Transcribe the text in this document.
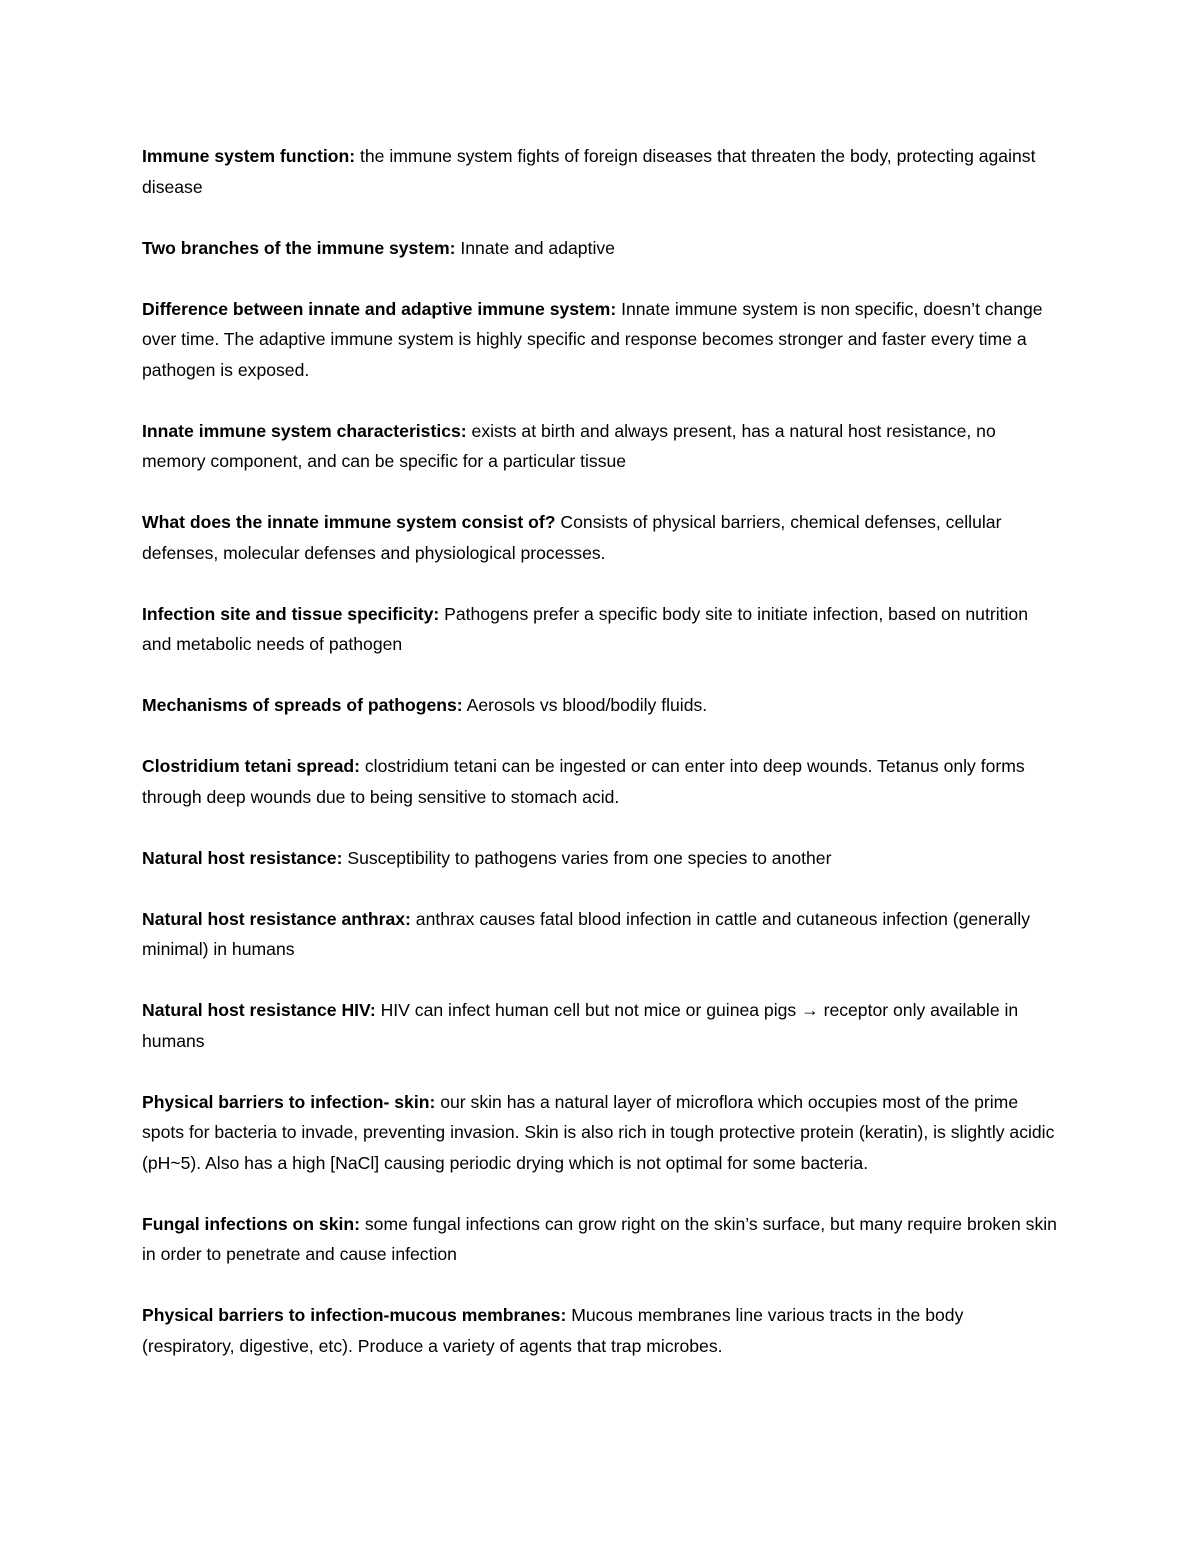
Immune system function: the immune system fights of foreign diseases that threaten the body, protecting against disease

Two branches of the immune system: Innate and adaptive

Difference between innate and adaptive immune system: Innate immune system is non specific, doesn’t change over time. The adaptive immune system is highly specific and response becomes stronger and faster every time a pathogen is exposed.

Innate immune system characteristics: exists at birth and always present, has a natural host resistance, no memory component, and can be specific for a particular tissue

What does the innate immune system consist of? Consists of physical barriers, chemical defenses, cellular defenses, molecular defenses and physiological processes.

Infection site and tissue specificity: Pathogens prefer a specific body site to initiate infection, based on nutrition and metabolic needs of pathogen

Mechanisms of spreads of pathogens: Aerosols vs blood/bodily fluids.

Clostridium tetani spread: clostridium tetani can be ingested or can enter into deep wounds. Tetanus only forms through deep wounds due to being sensitive to stomach acid.

Natural host resistance: Susceptibility to pathogens varies from one species to another

Natural host resistance anthrax: anthrax causes fatal blood infection in cattle and cutaneous infection (generally minimal) in humans

Natural host resistance HIV: HIV can infect human cell but not mice or guinea pigs → receptor only available in humans

Physical barriers to infection- skin: our skin has a natural layer of microflora which occupies most of the prime spots for bacteria to invade, preventing invasion. Skin is also rich in tough protective protein (keratin), is slightly acidic (pH~5). Also has a high [NaCl] causing periodic drying which is not optimal for some bacteria.

Fungal infections on skin: some fungal infections can grow right on the skin’s surface, but many require broken skin in order to penetrate and cause infection

Physical barriers to infection-mucous membranes: Mucous membranes line various tracts in the body (respiratory, digestive, etc). Produce a variety of agents that trap microbes.
